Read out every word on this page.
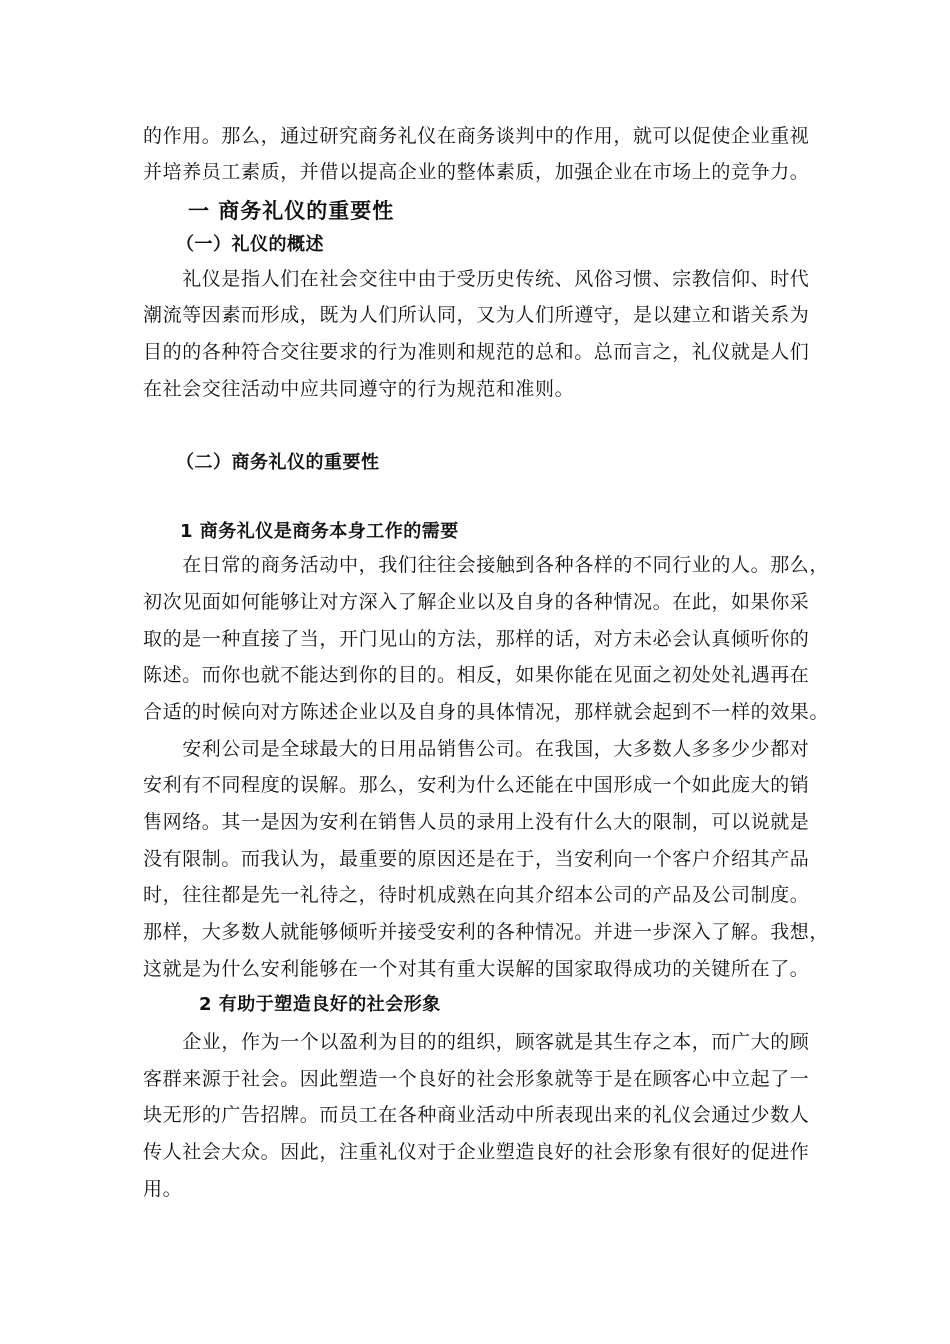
的作用。那么，通过研究商务礼仪在商务谈判中的作用，就可以促使企业重视
并培养员工素质，并借以提高企业的整体素质，加强企业在市场上的竞争力。
一 商务礼仪的重要性
（一）礼仪的概述
　　礼仪是指人们在社会交往中由于受历史传统、风俗习惯、宗教信仰、时代
潮流等因素而形成，既为人们所认同，又为人们所遵守，是以建立和谐关系为
目的的各种符合交往要求的行为准则和规范的总和。总而言之，礼仪就是人们
在社会交往活动中应共同遵守的行为规范和准则。
（二）商务礼仪的重要性
1 商务礼仪是商务本身工作的需要
　　在日常的商务活动中，我们往往会接触到各种各样的不同行业的人。那么，
初次见面如何能够让对方深入了解企业以及自身的各种情况。在此，如果你采
取的是一种直接了当，开门见山的方法，那样的话，对方未必会认真倾听你的
陈述。而你也就不能达到你的目的。相反，如果你能在见面之初处处礼遇再在
合适的时候向对方陈述企业以及自身的具体情况，那样就会起到不一样的效果。
　　安利公司是全球最大的日用品销售公司。在我国，大多数人多多少少都对
安利有不同程度的误解。那么，安利为什么还能在中国形成一个如此庞大的销
售网络。其一是因为安利在销售人员的录用上没有什么大的限制，可以说就是
没有限制。而我认为，最重要的原因还是在于，当安利向一个客户介绍其产品
时，往往都是先一礼待之，待时机成熟在向其介绍本公司的产品及公司制度。
那样，大多数人就能够倾听并接受安利的各种情况。并进一步深入了解。我想，
这就是为什么安利能够在一个对其有重大误解的国家取得成功的关键所在了。
2 有助于塑造良好的社会形象
　　企业，作为一个以盈利为目的的组织，顾客就是其生存之本，而广大的顾
客群来源于社会。因此塑造一个良好的社会形象就等于是在顾客心中立起了一
块无形的广告招牌。而员工在各种商业活动中所表现出来的礼仪会通过少数人
传人社会大众。因此，注重礼仪对于企业塑造良好的社会形象有很好的促进作
用。
